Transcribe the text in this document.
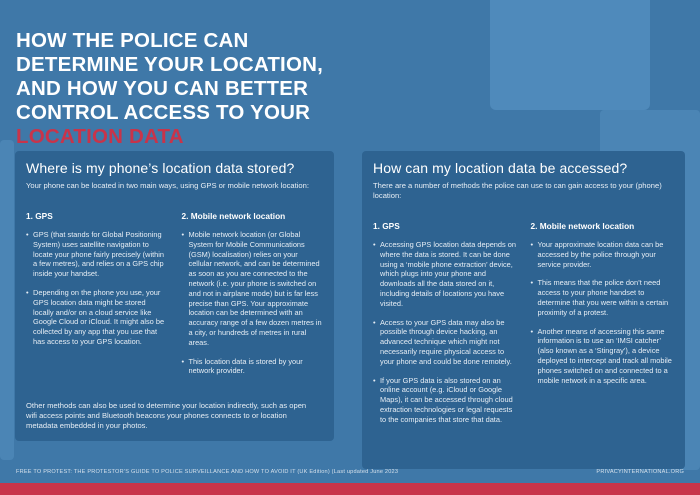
HOW THE POLICE CAN
DETERMINE YOUR LOCATION,
AND HOW YOU CAN BETTER
CONTROL ACCESS TO YOUR
LOCATION DATA
Where is my phone’s location data stored?

Your phone can be located in two main ways, using GPS or mobile network location:

1. GPS
• GPS (that stands for Global Positioning System) uses satellite navigation to locate your phone fairly precisely (within a few metres), and relies on a GPS chip inside your handset.
• Depending on the phone you use, your GPS location data might be stored locally and/or on a cloud service like Google Cloud or iCloud. It might also be collected by any app that you use that has access to your GPS location.
2. Mobile network location
• Mobile network location (or Global System for Mobile Communications (GSM) localisation) relies on your cellular network, and can be determined as soon as you are connected to the network (i.e. your phone is switched on and not in airplane mode) but is far less precise than GPS. Your approximate location can be determined with an accuracy range of a few dozen metres in a city, or hundreds of metres in rural areas.
• This location data is stored by your network provider.

Other methods can also be used to determine your location indirectly, such as open wifi access points and Bluetooth beacons your phones connects to or location metadata embedded in your photos.

How can my location data be accessed?

There are a number of methods the police can use to can gain access to your (phone) location:

1. GPS
• Accessing GPS location data depends on where the data is stored. It can be done using a ‘mobile phone extraction’ device, which plugs into your phone and downloads all the data stored on it, including details of locations you have visited.
• Access to your GPS data may also be possible through device hacking, an advanced technique which might not necessarily require physical access to your phone and could be done remotely.
• If your GPS data is also stored on an online account (e.g. iCloud or Google Maps), it can be accessed through cloud extraction technologies or legal requests to the companies that store that data.
2. Mobile network location
• Your approximate location data can be accessed by the police through your service provider.
• This means that the police don’t need access to your phone handset to determine that you were within a certain proximity of a protest.
• Another means of accessing this same information is to use an ‘IMSI catcher’ (also known as a ‘Stingray’), a device deployed to intercept and track all mobile phones switched on and connected to a mobile network in a specific area.
FREE TO PROTEST: THE PROTESTOR’S GUIDE TO POLICE SURVEILLANCE AND HOW TO AVOID IT (UK Edition) (Last updated June 2023	PRIVACYINTERNATIONAL.ORG
